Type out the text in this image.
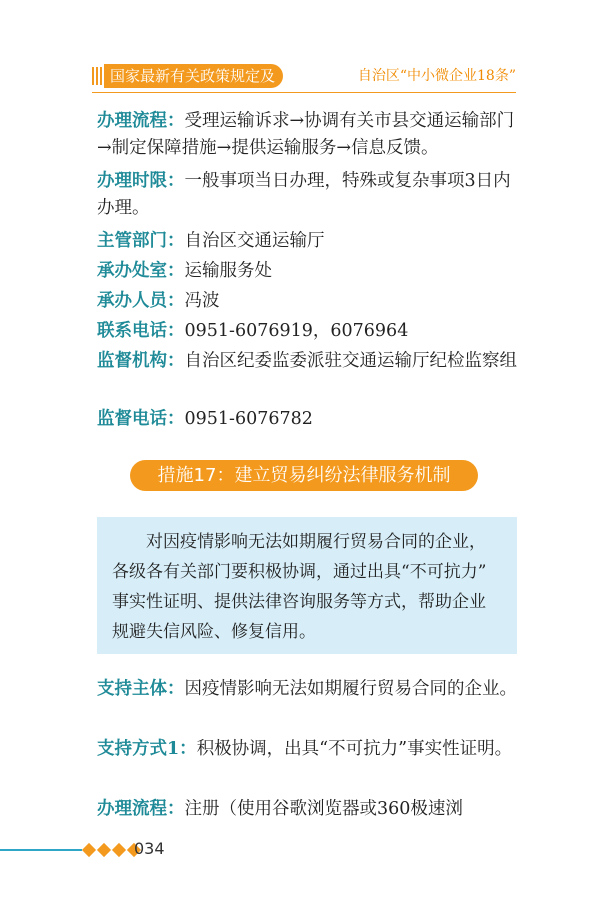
国家最新有关政策规定及	自治区“中小微企业18条”
办理流程：受理运输诉求→协调有关市县交通运输部门→制定保障措施→提供运输服务→信息反馈。
办理时限：一般事项当日办理，特殊或复杂事项3日内办理。
主管部门：自治区交通运输厅
承办处室：运输服务处
承办人员：冯波
联系电话：0951-6076919，6076964
监督机构：自治区纪委监委派驻交通运输厅纪检监察组
监督电话：0951-6076782
措施17：建立贸易纠纷法律服务机制

对因疫情影响无法如期履行贸易合同的企业，

各级各有关部门要积极协调，通过出具“不可抗力”

事实性证明、提供法律咨询服务等方式，帮助企业

规避失信风险、修复信用。

支持主体：因疫情影响无法如期履行贸易合同的企业。
支持方式1：积极协调，出具“不可抗力”事实性证明。
办理流程：注册（使用谷歌浏览器或360极速浏
034
